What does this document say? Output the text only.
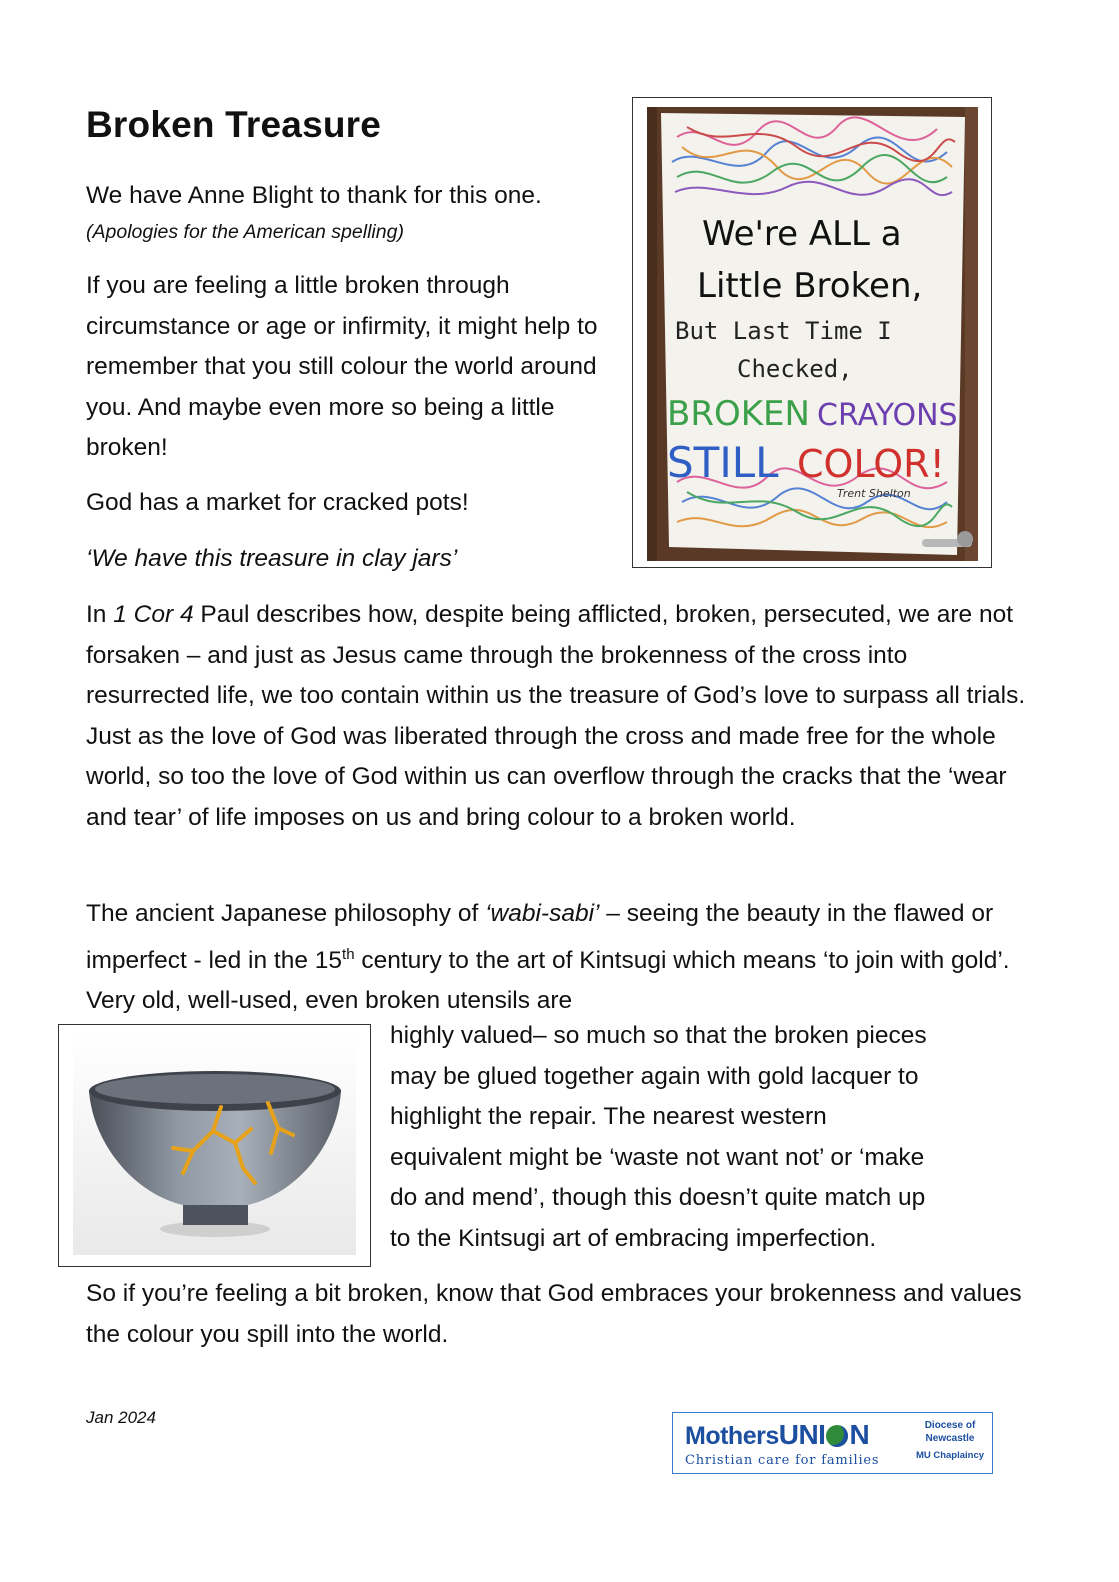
Broken Treasure
We have Anne Blight to thank for this one.
(Apologies for the American spelling)

If you are feeling a little broken through circumstance or age or infirmity, it might help to remember that you still colour the world around you. And maybe even more so being a little broken!

God has a market for cracked pots!

‘We have this treasure in clay jars’

In 1 Cor 4 Paul describes how, despite being afflicted, broken, persecuted, we are not forsaken – and just as Jesus came through the brokenness of the cross into resurrected life, we too contain within us the treasure of God’s love to surpass all trials. Just as the love of God was liberated through the cross and made free for the whole world, so too the love of God within us can overflow through the cracks that the ‘wear and tear’ of life imposes on us and bring colour to a broken world.

The ancient Japanese philosophy of ‘wabi-sabi’ – seeing the beauty in the flawed or imperfect - led in the 15th century to the art of Kintsugi which means ‘to join with gold’. Very old, well-used, even broken utensils are

highly valued– so much so that the broken pieces
may be glued together again with gold lacquer to
highlight the repair. The nearest western
equivalent might be ‘waste not want not’ or ‘make
do and mend’, though this doesn’t quite match up
to the Kintsugi art of embracing imperfection.

So if you’re feeling a bit broken, know that God embraces your brokenness and values the colour you spill into the world.

Jan 2024
We're ALL a
Little Broken,
But Last Time I
Checked,
BROKEN CRAYONS
STILL COLOR!
Trent Shelton
MothersUNI N
Christian care for families
Diocese of
Newcastle
MU Chaplaincy
